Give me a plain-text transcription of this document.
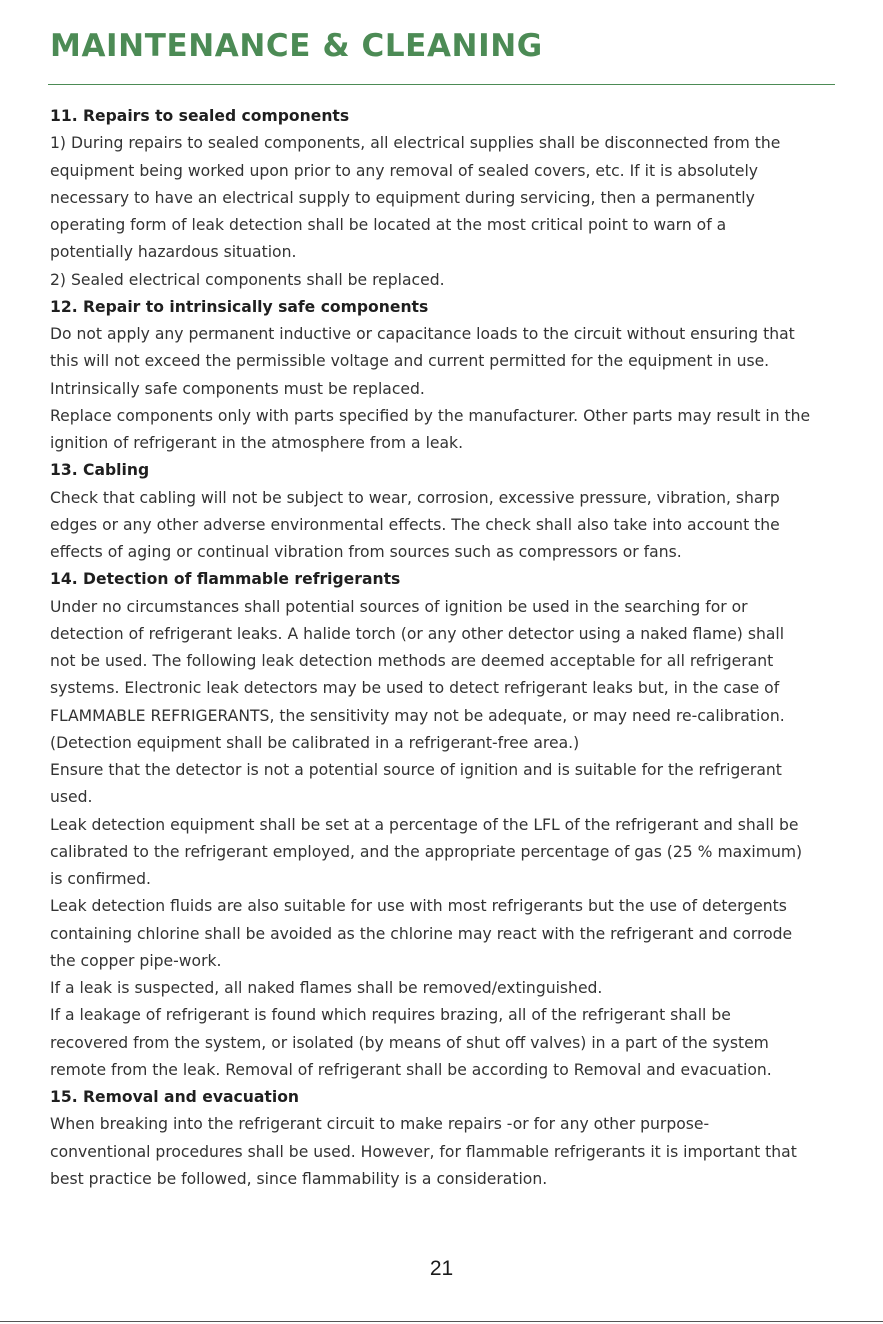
MAINTENANCE & CLEANING
11. Repairs to sealed components
1) During repairs to sealed components, all electrical supplies shall be disconnected from the
equipment being worked upon prior to any removal of sealed covers, etc. If it is absolutely
necessary to have an electrical supply to equipment during servicing, then a permanently
operating form of leak detection shall be located at the most critical point to warn of a
potentially hazardous situation.
2) Sealed electrical components shall be replaced.
12. Repair to intrinsically safe components
Do not apply any permanent inductive or capacitance loads to the circuit without ensuring that
this will not exceed the permissible voltage and current permitted for the equipment in use.
Intrinsically safe components must be replaced.
Replace components only with parts specified by the manufacturer. Other parts may result in the
ignition of refrigerant in the atmosphere from a leak.
13. Cabling
Check that cabling will not be subject to wear, corrosion, excessive pressure, vibration, sharp
edges or any other adverse environmental effects. The check shall also take into account the
effects of aging or continual vibration from sources such as compressors or fans.
14. Detection of flammable refrigerants
Under no circumstances shall potential sources of ignition be used in the searching for or
detection of refrigerant leaks. A halide torch (or any other detector using a naked flame) shall
not be used. The following leak detection methods are deemed acceptable for all refrigerant
systems. Electronic leak detectors may be used to detect refrigerant leaks but, in the case of
FLAMMABLE REFRIGERANTS, the sensitivity may not be adequate, or may need re-calibration.
(Detection equipment shall be calibrated in a refrigerant-free area.)
Ensure that the detector is not a potential source of ignition and is suitable for the refrigerant
used.
Leak detection equipment shall be set at a percentage of the LFL of the refrigerant and shall be
calibrated to the refrigerant employed, and the appropriate percentage of gas (25 % maximum)
is confirmed.
Leak detection fluids are also suitable for use with most refrigerants but the use of detergents
containing chlorine shall be avoided as the chlorine may react with the refrigerant and corrode
the copper pipe-work.
If a leak is suspected, all naked flames shall be removed/extinguished.
If a leakage of refrigerant is found which requires brazing, all of the refrigerant shall be
recovered from the system, or isolated (by means of shut off valves) in a part of the system
remote from the leak. Removal of refrigerant shall be according to Removal and evacuation.
15. Removal and evacuation
When breaking into the refrigerant circuit to make repairs -or for any other purpose-
conventional procedures shall be used. However, for flammable refrigerants it is important that
best practice be followed, since flammability is a consideration.
21
